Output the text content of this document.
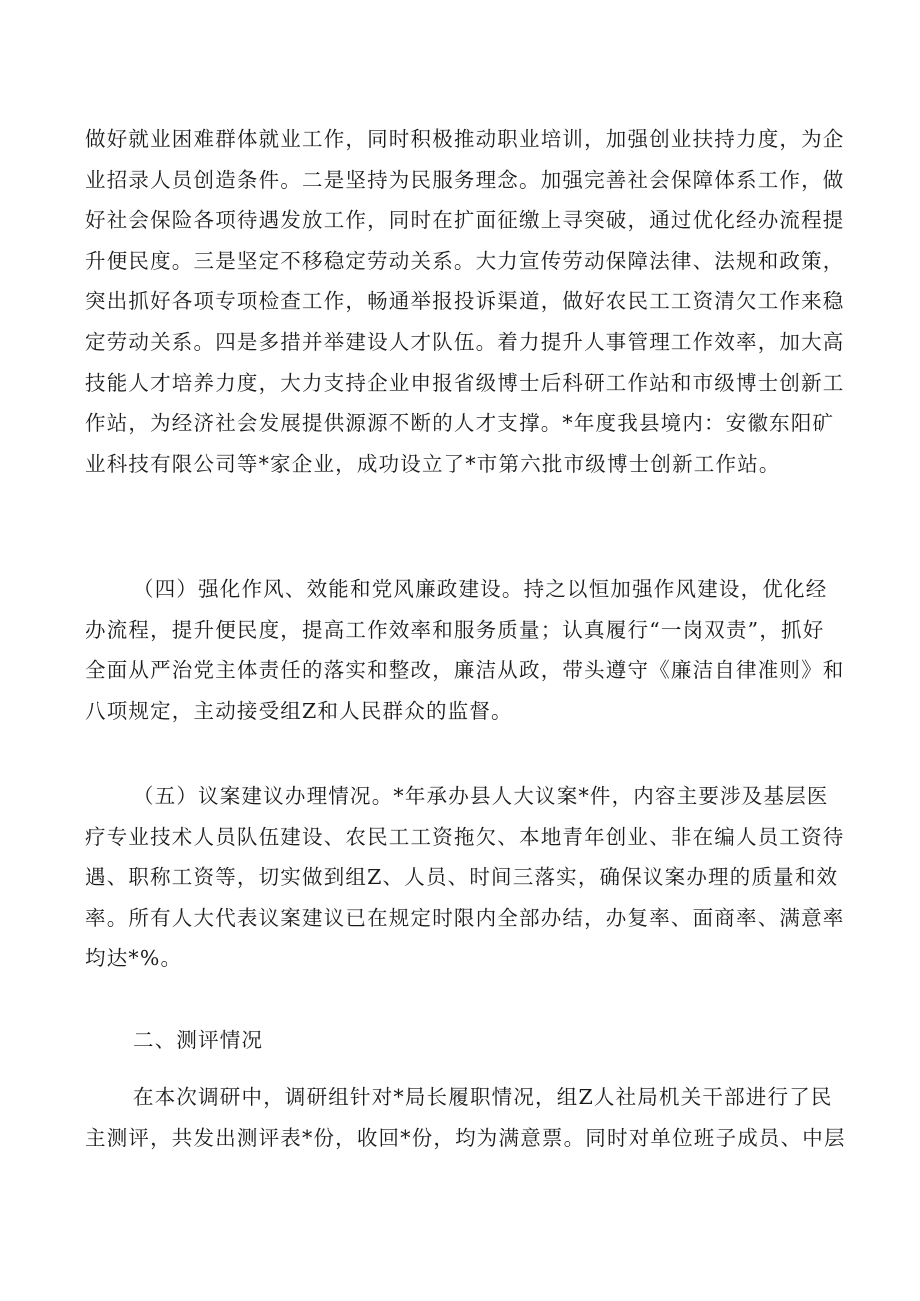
做好就业困难群体就业工作，同时积极推动职业培训，加强创业扶持力度，为企
业招录人员创造条件。二是坚持为民服务理念。加强完善社会保障体系工作，做
好社会保险各项待遇发放工作，同时在扩面征缴上寻突破，通过优化经办流程提
升便民度。三是坚定不移稳定劳动关系。大力宣传劳动保障法律、法规和政策，
突出抓好各项专项检查工作，畅通举报投诉渠道，做好农民工工资清欠工作来稳
定劳动关系。四是多措并举建设人才队伍。着力提升人事管理工作效率，加大高
技能人才培养力度，大力支持企业申报省级博士后科研工作站和市级博士创新工
作站，为经济社会发展提供源源不断的人才支撑。*年度我县境内：安徽东阳矿
业科技有限公司等*家企业，成功设立了*市第六批市级博士创新工作站。
（四）强化作风、效能和党风廉政建设。持之以恒加强作风建设，优化经
办流程，提升便民度，提高工作效率和服务质量；认真履行“一岗双责”，抓好
全面从严治党主体责任的落实和整改，廉洁从政，带头遵守《廉洁自律准则》和
八项规定，主动接受组Z和人民群众的监督。
（五）议案建议办理情况。*年承办县人大议案*件，内容主要涉及基层医
疗专业技术人员队伍建设、农民工工资拖欠、本地青年创业、非在编人员工资待
遇、职称工资等，切实做到组Z、人员、时间三落实，确保议案办理的质量和效
率。所有人大代表议案建议已在规定时限内全部办结，办复率、面商率、满意率
均达*%。
二、测评情况
在本次调研中，调研组针对*局长履职情况，组Z人社局机关干部进行了民
主测评，共发出测评表*份，收回*份，均为满意票。同时对单位班子成员、中层
